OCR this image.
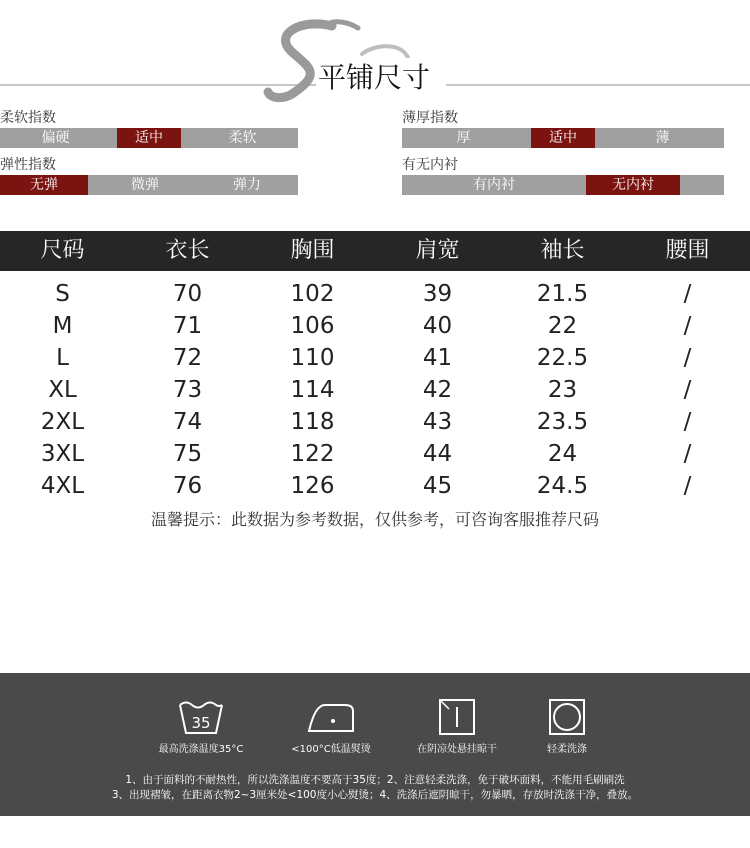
平铺尺寸
柔软指数
偏硬	适中	柔软
薄厚指数
厚	适中	薄
弹性指数
无弹	微弹	弹力
有无内衬
有内衬	无内衬
尺码	衣长	胸围	肩宽	袖长	腰围
S	70	102	39	21.5	/
M	71	106	40	22	/
L	72	110	41	22.5	/
XL	73	114	42	23	/
2XL	74	118	43	23.5	/
3XL	75	122	44	24	/
4XL	76	126	45	24.5	/
温馨提示：此数据为参考数据，仅供参考，可咨询客服推荐尺码
35
最高洗涤温度35°C	<100°C低温熨烫	在阴凉处悬挂晾干	轻柔洗涤
1、由于面料的不耐热性，所以洗涤温度不要高于35度；2、注意轻柔洗涤，免于破坏面料，不能用毛刷刷洗
3、出现褶皱，在距离衣物2~3厘米处<100度小心熨烫；4、洗涤后遮阴晾干，勿暴晒，存放时洗涤干净，叠放。
